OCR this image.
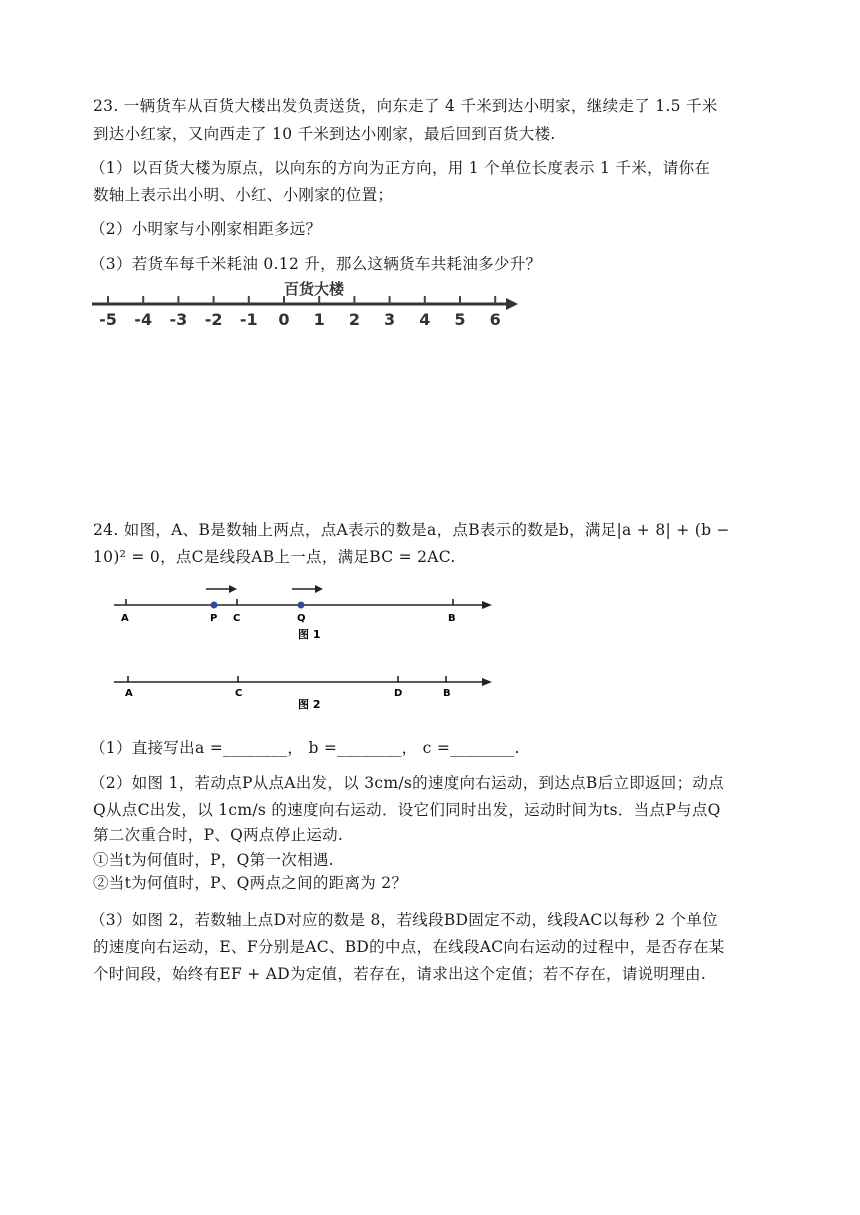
23. 一辆货车从百货大楼出发负责送货，向东走了 4 千米到达小明家，继续走了 1.5 千米
到达小红家，又向西走了 10 千米到达小刚家，最后回到百货大楼.
（1）以百货大楼为原点，以向东的方向为正方向，用 1 个单位长度表示 1 千米，请你在
数轴上表示出小明、小红、小刚家的位置；
（2）小明家与小刚家相距多远？
（3）若货车每千米耗油 0.12 升，那么这辆货车共耗油多少升？
百货大楼
-5 -4 -3 -2 -1 0 1 2 3 4 5 6
24. 如图，A、B是数轴上两点，点A表示的数是a，点B表示的数是b，满足|a + 8| + (b −
10)² = 0，点C是线段AB上一点，满足BC = 2AC.
A	P C	Q	B
图 1
A	C	D	B
图 2
（1）直接写出a =________， b =________， c =________.
（2）如图 1，若动点P从点A出发，以 3cm/s的速度向右运动，到达点B后立即返回；动点
Q从点C出发，以 1cm/s 的速度向右运动．设它们同时出发，运动时间为ts．当点P与点Q
第二次重合时，P、Q两点停止运动.
①当t为何值时，P，Q第一次相遇.
②当t为何值时，P、Q两点之间的距离为 2？
（3）如图 2，若数轴上点D对应的数是 8，若线段BD固定不动，线段AC以每秒 2 个单位
的速度向右运动，E、F分别是AC、BD的中点，在线段AC向右运动的过程中，是否存在某
个时间段，始终有EF + AD为定值，若存在，请求出这个定值；若不存在，请说明理由.
